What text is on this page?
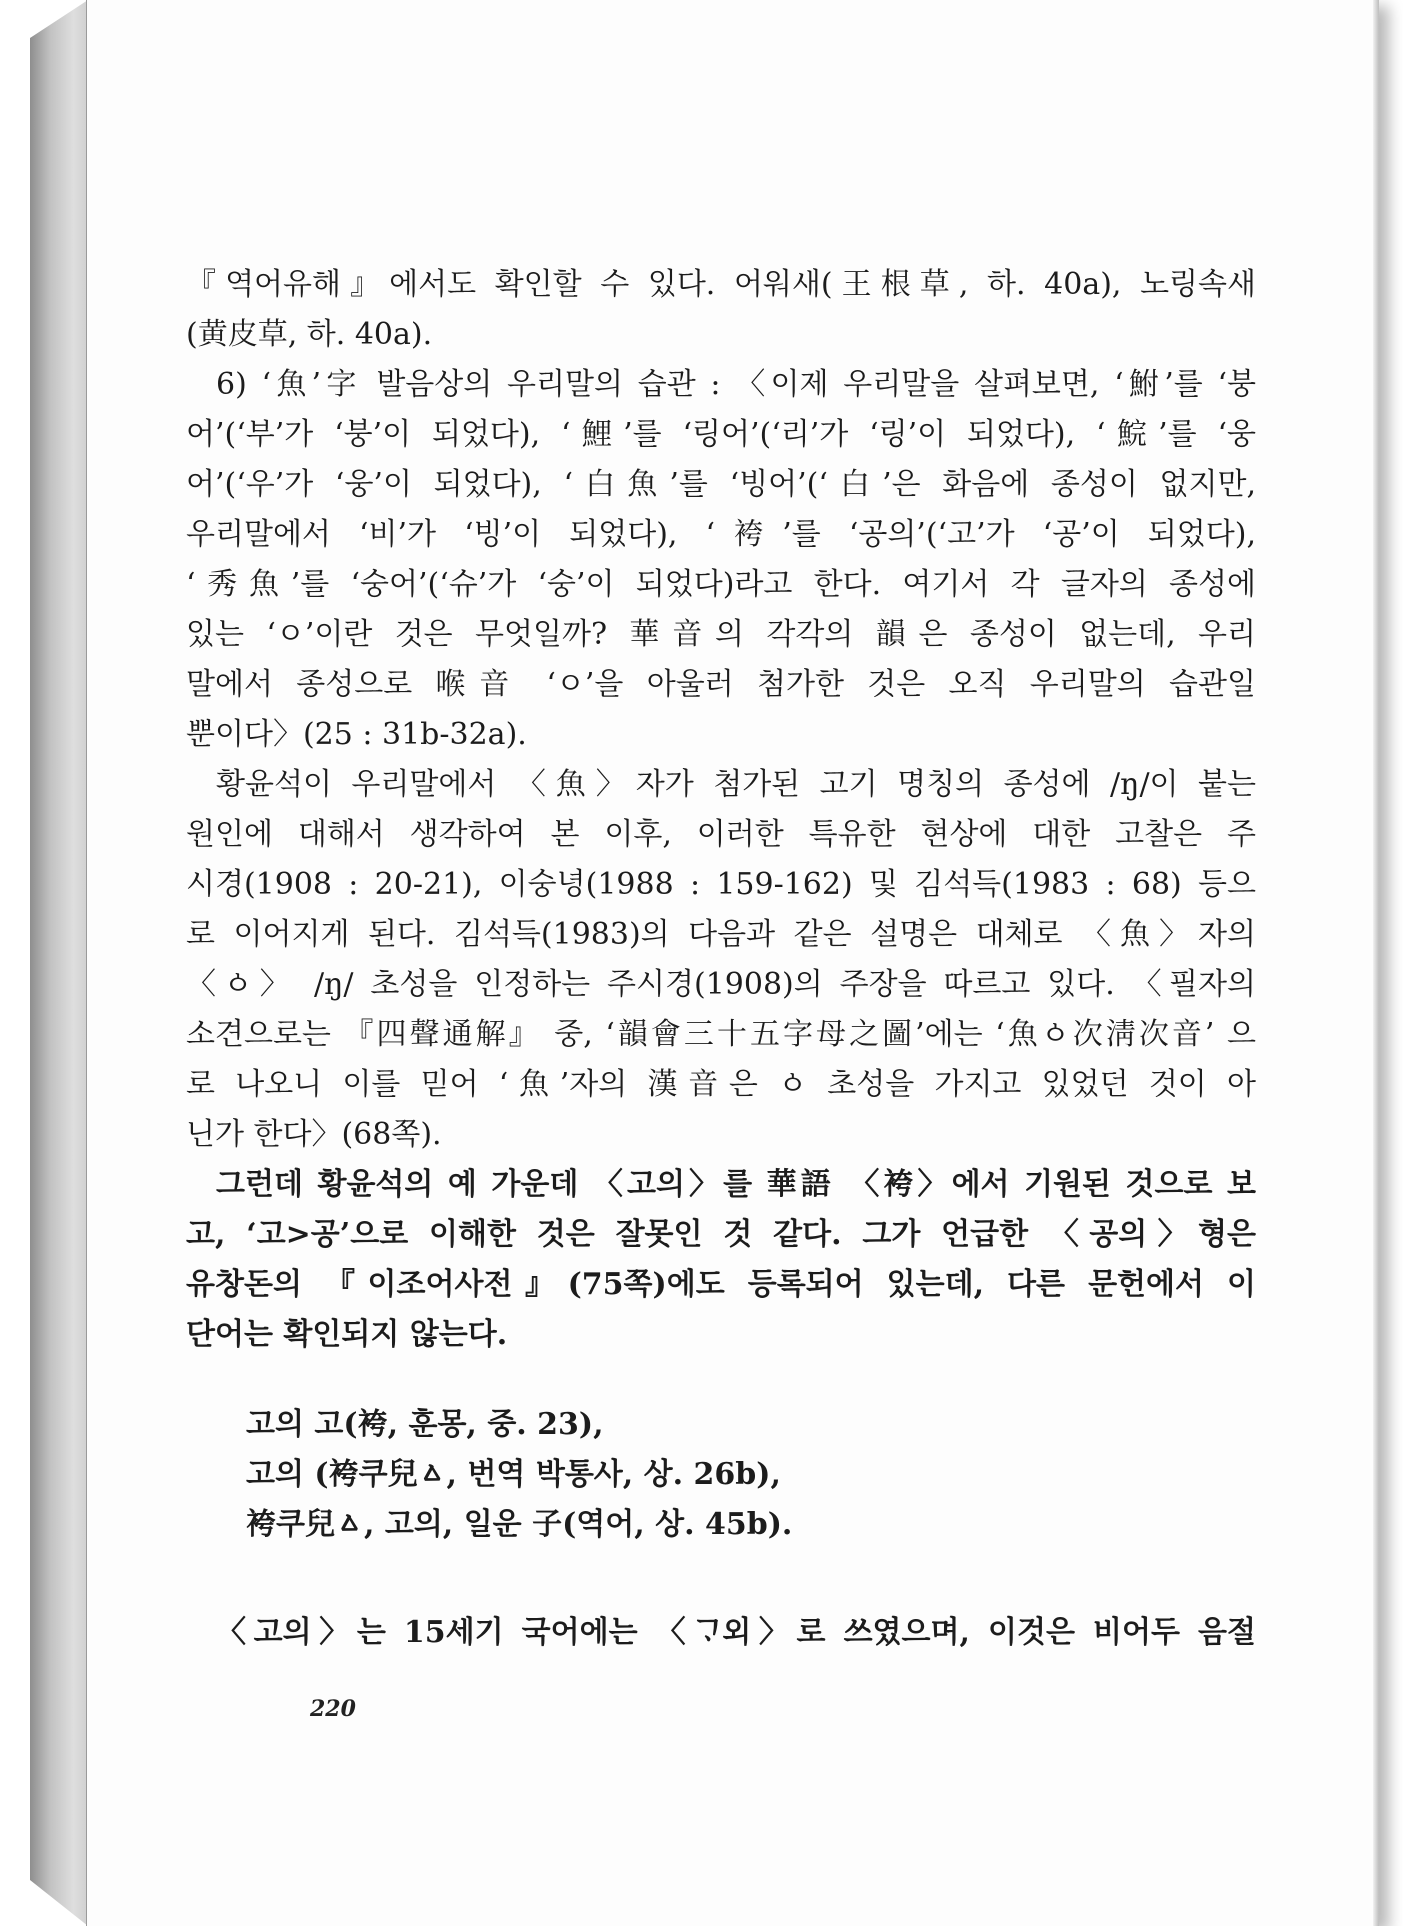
『역어유해』에서도 확인할 수 있다. 어워새(王根草, 하. 40a), 노링속새
(黄皮草, 하. 40a).
6) ‘魚’字 발음상의 우리말의 습관 : 〈이제 우리말을 살펴보면, ‘鮒’를 ‘붕
어’(‘부’가 ‘붕’이 되었다), ‘鯉’를 ‘링어’(‘리’가 ‘링’이 되었다), ‘鯇’를 ‘웅
어’(‘우’가 ‘웅’이 되었다), ‘白魚’를 ‘빙어’(‘白’은 화음에 종성이 없지만,
우리말에서 ‘비’가 ‘빙’이 되었다), ‘袴’를 ‘공의’(‘고’가 ‘공’이 되었다),
‘秀魚’를 ‘숭어’(‘슈’가 ‘숭’이 되었다)라고 한다. 여기서 각 글자의 종성에
있는 ‘ㅇ’이란 것은 무엇일까? 華音의 각각의 韻은 종성이 없는데, 우리
말에서 종성으로 喉音 ‘ㅇ’을 아울러 첨가한 것은 오직 우리말의 습관일
뿐이다〉(25 : 31b-32a).
황윤석이 우리말에서 〈魚〉자가 첨가된 고기 명칭의 종성에 /ŋ/이 붙는
원인에 대해서 생각하여 본 이후, 이러한 특유한 현상에 대한 고찰은 주
시경(1908 : 20-21), 이숭녕(1988 : 159-162) 및 김석득(1983 : 68) 등으
로 이어지게 된다. 김석득(1983)의 다음과 같은 설명은 대체로 〈魚〉자의
〈ㆁ〉 /ŋ/ 초성을 인정하는 주시경(1908)의 주장을 따르고 있다. 〈필자의
소견으로는 『四聲通解』 중, ‘韻會三十五字母之圖’에는 ‘魚ㆁ次淸次音’ 으
로 나오니 이를 믿어 ‘魚’자의 漢音은 ㆁ 초성을 가지고 있었던 것이 아
닌가 한다〉(68쪽).
그런데 황윤석의 예 가운데 〈고의〉를 華語 〈袴〉에서 기원된 것으로 보
고, ‘고>공’으로 이해한 것은 잘못인 것 같다. 그가 언급한 〈공의〉형은
유창돈의 『이조어사전』(75쪽)에도 등록되어 있는데, 다른 문헌에서 이
단어는 확인되지 않는다.
고의 고(袴, 훈몽, 중. 23),
고의 (袴쿠兒ㅿ, 번역 박통사, 상. 26b),
袴쿠兒ㅿ, 고의, 일운 子(역어, 상. 45b).
〈고의〉는 15세기 국어에는 〈ᄀᆞ외〉로 쓰였으며, 이것은 비어두 음절
220
